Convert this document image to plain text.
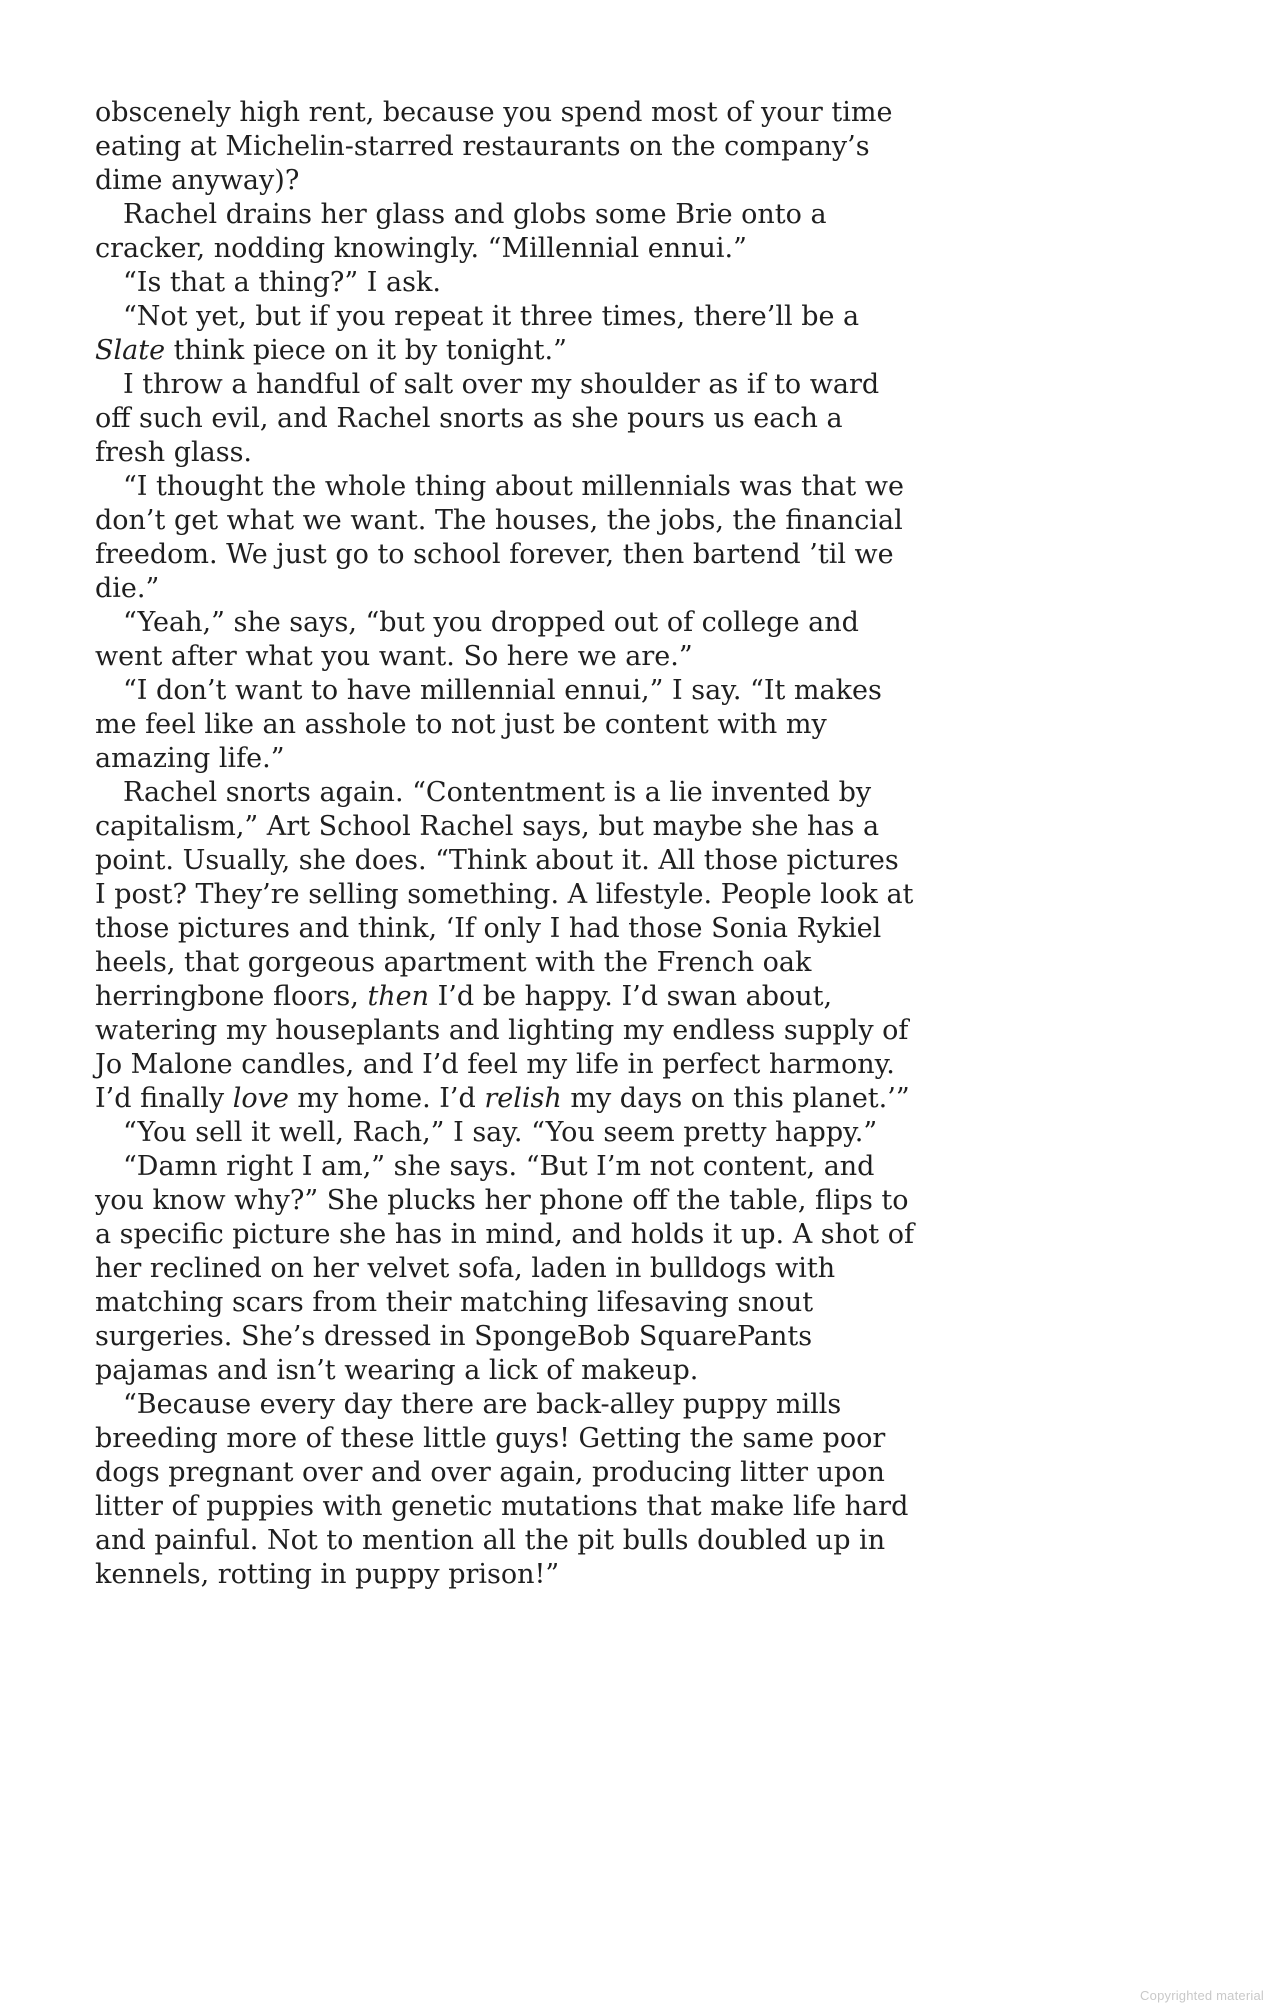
obscenely high rent, because you spend most of your time eating at Michelin-starred restaurants on the company’s dime anyway)?

Rachel drains her glass and globs some Brie onto a cracker, nodding knowingly. “Millennial ennui.”

“Is that a thing?” I ask.

“Not yet, but if you repeat it three times, there’ll be a Slate think piece on it by tonight.”

I throw a handful of salt over my shoulder as if to ward off such evil, and Rachel snorts as she pours us each a fresh glass.

“I thought the whole thing about millennials was that we don’t get what we want. The houses, the jobs, the financial freedom. We just go to school forever, then bartend ’til we die.”

“Yeah,” she says, “but you dropped out of college and went after what you want. So here we are.”

“I don’t want to have millennial ennui,” I say. “It makes me feel like an asshole to not just be content with my amazing life.”

Rachel snorts again. “Contentment is a lie invented by capitalism,” Art School Rachel says, but maybe she has a point. Usually, she does. “Think about it. All those pictures I post? They’re selling something. A lifestyle. People look at those pictures and think, ‘If only I had those Sonia Rykiel heels, that gorgeous apartment with the French oak herringbone floors, then I’d be happy. I’d swan about, watering my houseplants and lighting my endless supply of Jo Malone candles, and I’d feel my life in perfect harmony. I’d finally love my home. I’d relish my days on this planet.’”

“You sell it well, Rach,” I say. “You seem pretty happy.”

“Damn right I am,” she says. “But I’m not content, and you know why?” She plucks her phone off the table, flips to a specific picture she has in mind, and holds it up. A shot of her reclined on her velvet sofa, laden in bulldogs with matching scars from their matching lifesaving snout surgeries. She’s dressed in SpongeBob SquarePants pajamas and isn’t wearing a lick of makeup.

“Because every day there are back-alley puppy mills breeding more of these little guys! Getting the same poor dogs pregnant over and over again, producing litter upon litter of puppies with genetic mutations that make life hard and painful. Not to mention all the pit bulls doubled up in kennels, rotting in puppy prison!”

Copyrighted material
